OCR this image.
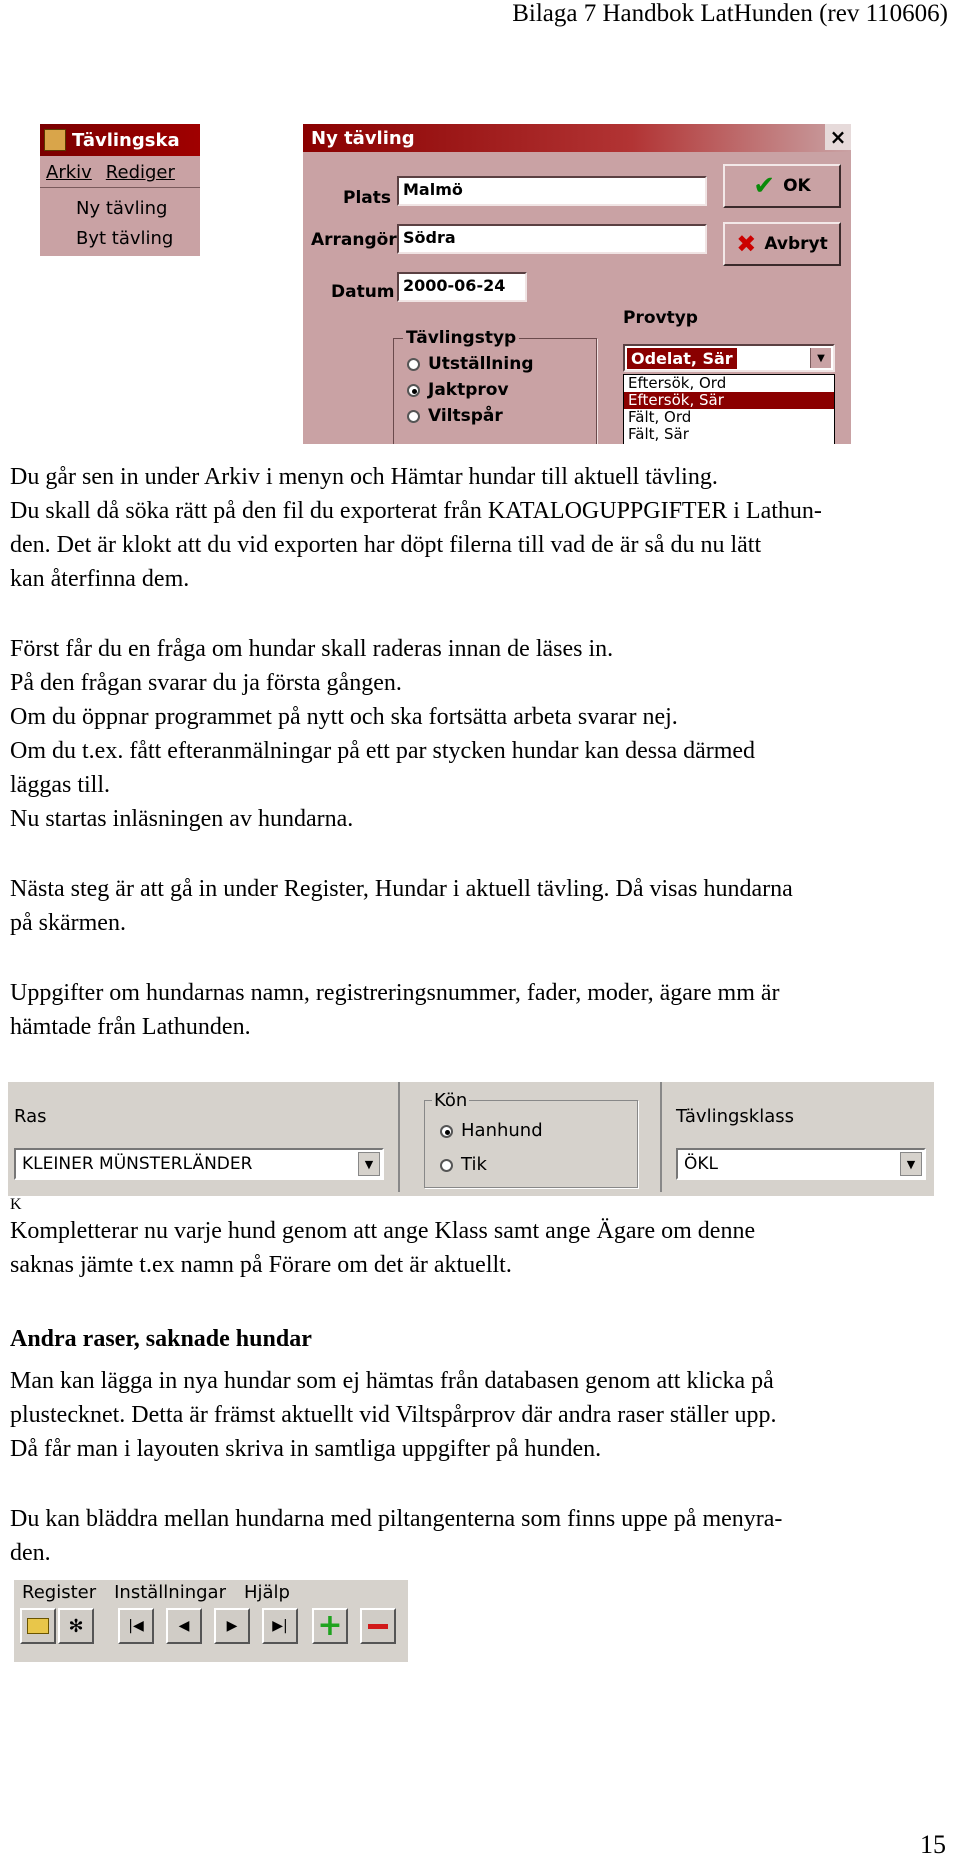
Bilaga 7 Handbok LatHunden (rev 110606)
Tävlingska
Arkiv Rediger
Ny tävling
Byt tävling
Ny tävling	×
Plats Malmö
Arrangör Södra
Datum 2000-06-24
✔ OK
✖ Avbryt
Tävlingstyp
Utställning
Jaktprov
Viltspår
Provtyp
Odelat, Sär	▼
Eftersök, Ord
Eftersök, Sär
Fält, Ord
Fält, Sär
Du går sen in under Arkiv i menyn och Hämtar hundar till aktuell tävling.
Du skall då söka rätt på den fil du exporterat från KATALOGUPPGIFTER i Lathun-
den. Det är klokt att du vid exporten har döpt filerna till vad de är så du nu lätt
kan återfinna dem.
Först får du en fråga om hundar skall raderas innan de läses in.
På den frågan svarar du ja första gången.
Om du öppnar programmet på nytt och ska fortsätta arbeta svarar nej.
Om du t.ex. fått efteranmälningar på ett par stycken hundar kan dessa därmed
läggas till.
Nu startas inläsningen av hundarna.
Nästa steg är att gå in under Register, Hundar i aktuell tävling. Då visas hundarna
på skärmen.
Uppgifter om hundarnas namn, registreringsnummer, fader, moder, ägare mm är
hämtade från Lathunden.
Ras
KLEINER MÜNSTERLÄNDER	▼
Kön
Hanhund
Tik
Tävlingsklass
ÖKL	▼
K
Kompletterar nu varje hund genom att ange Klass samt ange Ägare om denne
saknas jämte t.ex namn på Förare om det är aktuellt.
Andra raser, saknade hundar
Man kan lägga in nya hundar som ej hämtas från databasen genom att klicka på
plustecknet. Detta är främst aktuellt vid Viltspårprov där andra raser ställer upp.
Då får man i layouten skriva in samtliga uppgifter på hunden.
Du kan bläddra mellan hundarna med piltangenterna som finns uppe på menyra-
den.
Register Inställningar Hjälp
✻	|◀ ◀	▶ ▶| +
15
